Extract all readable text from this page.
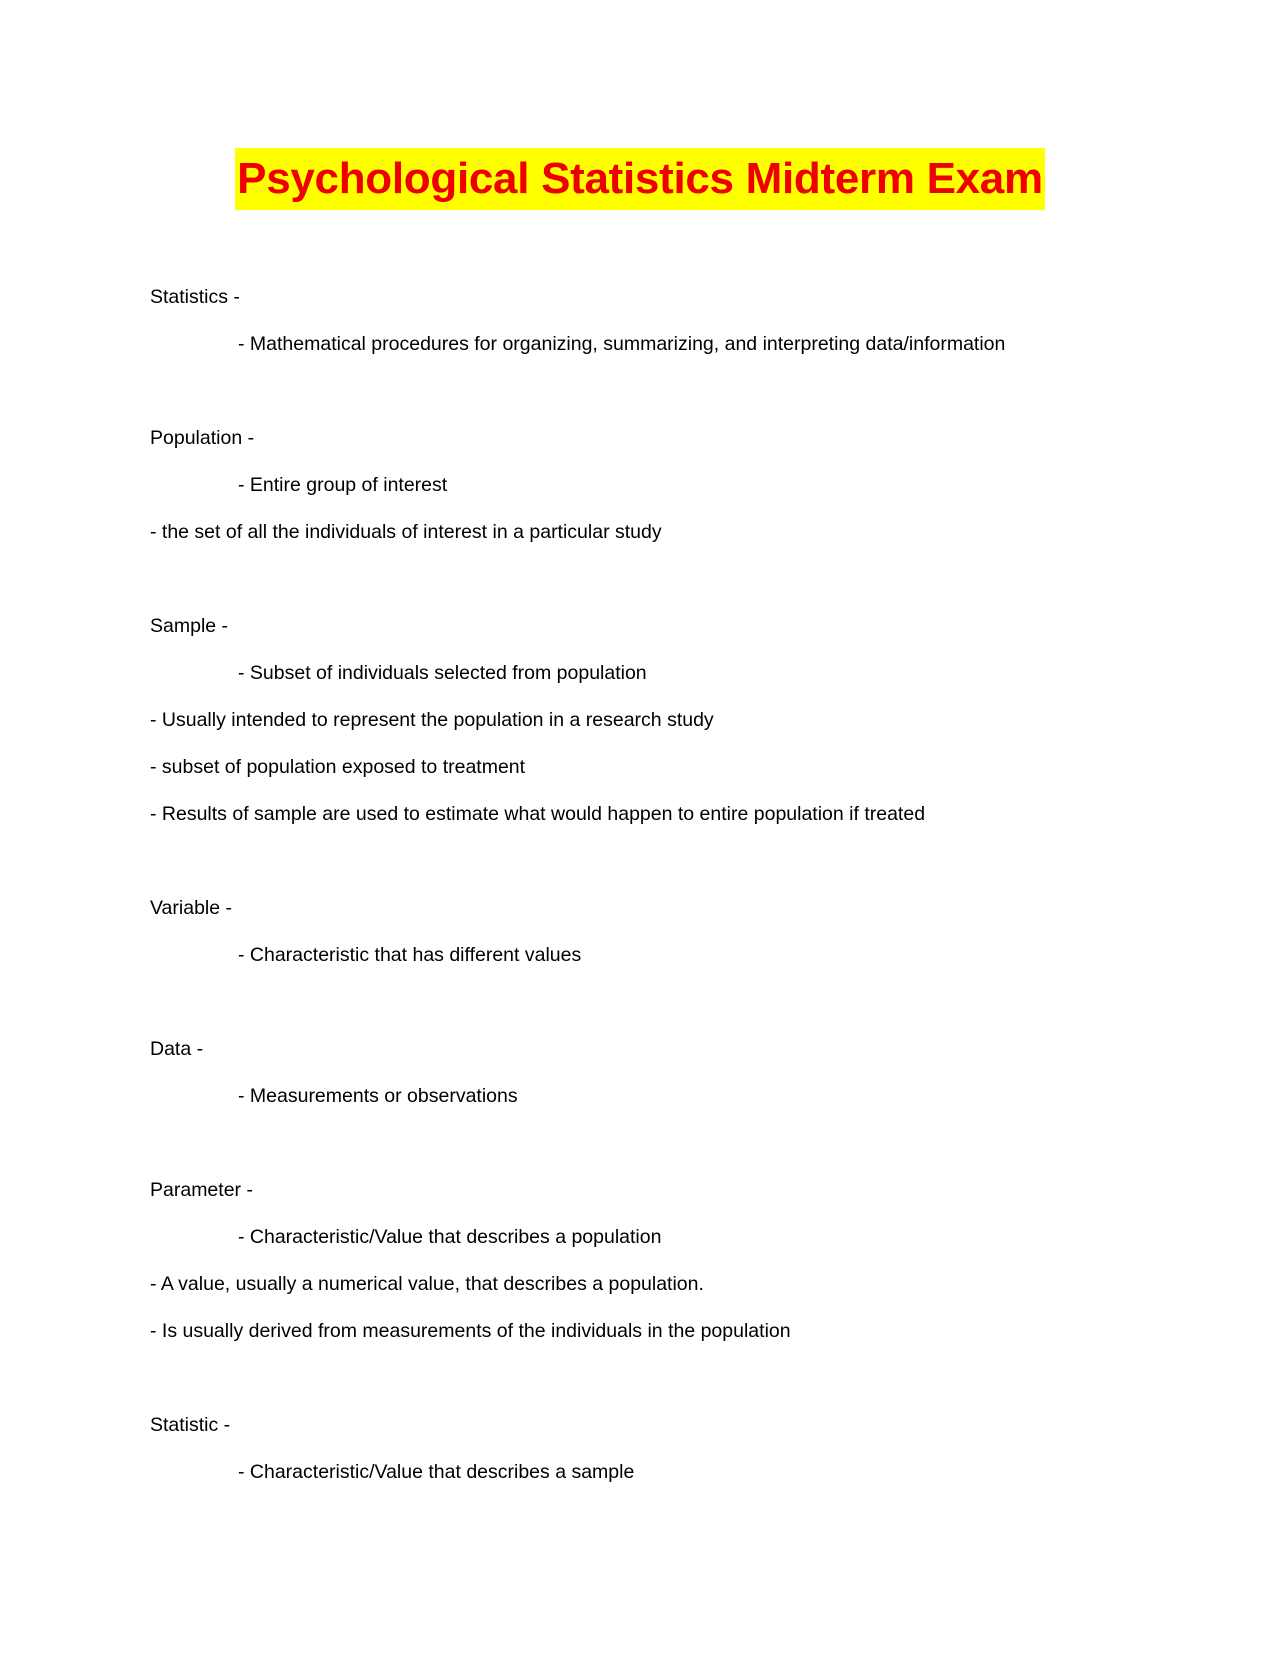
Psychological Statistics Midterm Exam
Statistics -
- Mathematical procedures for organizing, summarizing, and interpreting data/information
Population -
- Entire group of interest
- the set of all the individuals of interest in a particular study
Sample -
- Subset of individuals selected from population
- Usually intended to represent the population in a research study
- subset of population exposed to treatment
- Results of sample are used to estimate what would happen to entire population if treated
Variable -
- Characteristic that has different values
Data -
- Measurements or observations
Parameter -
- Characteristic/Value that describes a population
- A value, usually a numerical value, that describes a population.
- Is usually derived from measurements of the individuals in the population
Statistic -
- Characteristic/Value that describes a sample
